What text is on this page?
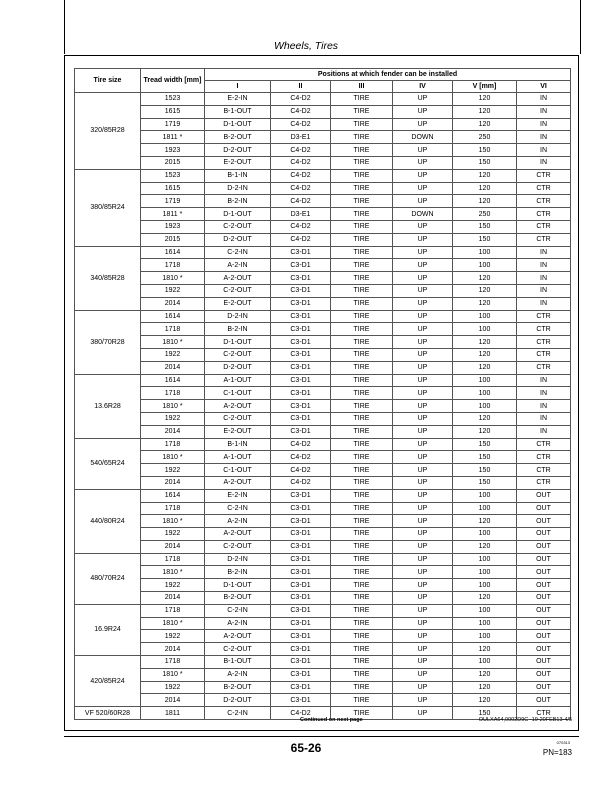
Wheels, Tires
Tire size	Tread width [mm]	Positions at which fender can be installed					
		I	II	III	IV	V [mm]	VI
320/85R28	1523	E-2-IN	C4-D2	TIRE	UP	120	IN
	1615	B-1-OUT	C4-D2	TIRE	UP	120	IN
	1719	D-1-OUT	C4-D2	TIRE	UP	120	IN
	1811 *	B-2-OUT	D3-E1	TIRE	DOWN	250	IN
	1923	D-2-OUT	C4-D2	TIRE	UP	150	IN
	2015	E-2-OUT	C4-D2	TIRE	UP	150	IN
380/85R24	1523	B-1-IN	C4-D2	TIRE	UP	120	CTR
	1615	D-2-IN	C4-D2	TIRE	UP	120	CTR
	1719	B-2-IN	C4-D2	TIRE	UP	120	CTR
	1811 *	D-1-OUT	D3-E1	TIRE	DOWN	250	CTR
	1923	C-2-OUT	C4-D2	TIRE	UP	150	CTR
	2015	D-2-OUT	C4-D2	TIRE	UP	150	CTR
340/85R28	1614	C-2-IN	C3-D1	TIRE	UP	100	IN
	1718	A-2-IN	C3-D1	TIRE	UP	100	IN
	1810 *	A-2-OUT	C3-D1	TIRE	UP	120	IN
	1922	C-2-OUT	C3-D1	TIRE	UP	120	IN
	2014	E-2-OUT	C3-D1	TIRE	UP	120	IN
380/70R28	1614	D-2-IN	C3-D1	TIRE	UP	100	CTR
	1718	B-2-IN	C3-D1	TIRE	UP	100	CTR
	1810 *	D-1-OUT	C3-D1	TIRE	UP	120	CTR
	1922	C-2-OUT	C3-D1	TIRE	UP	120	CTR
	2014	D-2-OUT	C3-D1	TIRE	UP	120	CTR
13.6R28	1614	A-1-OUT	C3-D1	TIRE	UP	100	IN
	1718	C-1-OUT	C3-D1	TIRE	UP	100	IN
	1810 *	A-2-OUT	C3-D1	TIRE	UP	100	IN
	1922	C-2-OUT	C3-D1	TIRE	UP	120	IN
	2014	E-2-OUT	C3-D1	TIRE	UP	120	IN
540/65R24	1718	B-1-IN	C4-D2	TIRE	UP	150	CTR
	1810 *	A-1-OUT	C4-D2	TIRE	UP	150	CTR
	1922	C-1-OUT	C4-D2	TIRE	UP	150	CTR
	2014	A-2-OUT	C4-D2	TIRE	UP	150	CTR
440/80R24	1614	E-2-IN	C3-D1	TIRE	UP	100	OUT
	1718	C-2-IN	C3-D1	TIRE	UP	100	OUT
	1810 *	A-2-IN	C3-D1	TIRE	UP	120	OUT
	1922	A-2-OUT	C3-D1	TIRE	UP	100	OUT
	2014	C-2-OUT	C3-D1	TIRE	UP	120	OUT
480/70R24	1718	D-2-IN	C3-D1	TIRE	UP	100	OUT
	1810 *	B-2-IN	C3-D1	TIRE	UP	100	OUT
	1922	D-1-OUT	C3-D1	TIRE	UP	100	OUT
	2014	B-2-OUT	C3-D1	TIRE	UP	120	OUT
16.9R24	1718	C-2-IN	C3-D1	TIRE	UP	100	OUT
	1810 *	A-2-IN	C3-D1	TIRE	UP	100	OUT
	1922	A-2-OUT	C3-D1	TIRE	UP	100	OUT
	2014	C-2-OUT	C3-D1	TIRE	UP	120	OUT
420/85R24	1718	B-1-OUT	C3-D1	TIRE	UP	100	OUT
	1810 *	A-2-IN	C3-D1	TIRE	UP	120	OUT
	1922	B-2-OUT	C3-D1	TIRE	UP	120	OUT
	2014	D-2-OUT	C3-D1	TIRE	UP	120	OUT
VF 520/60R28	1811	C-2-IN	C4-D2	TIRE	UP	150	CTR
Continued on next page	OULXA64,0002D9C -19-20FEB13-4/5
65-26	070313
PN=183
